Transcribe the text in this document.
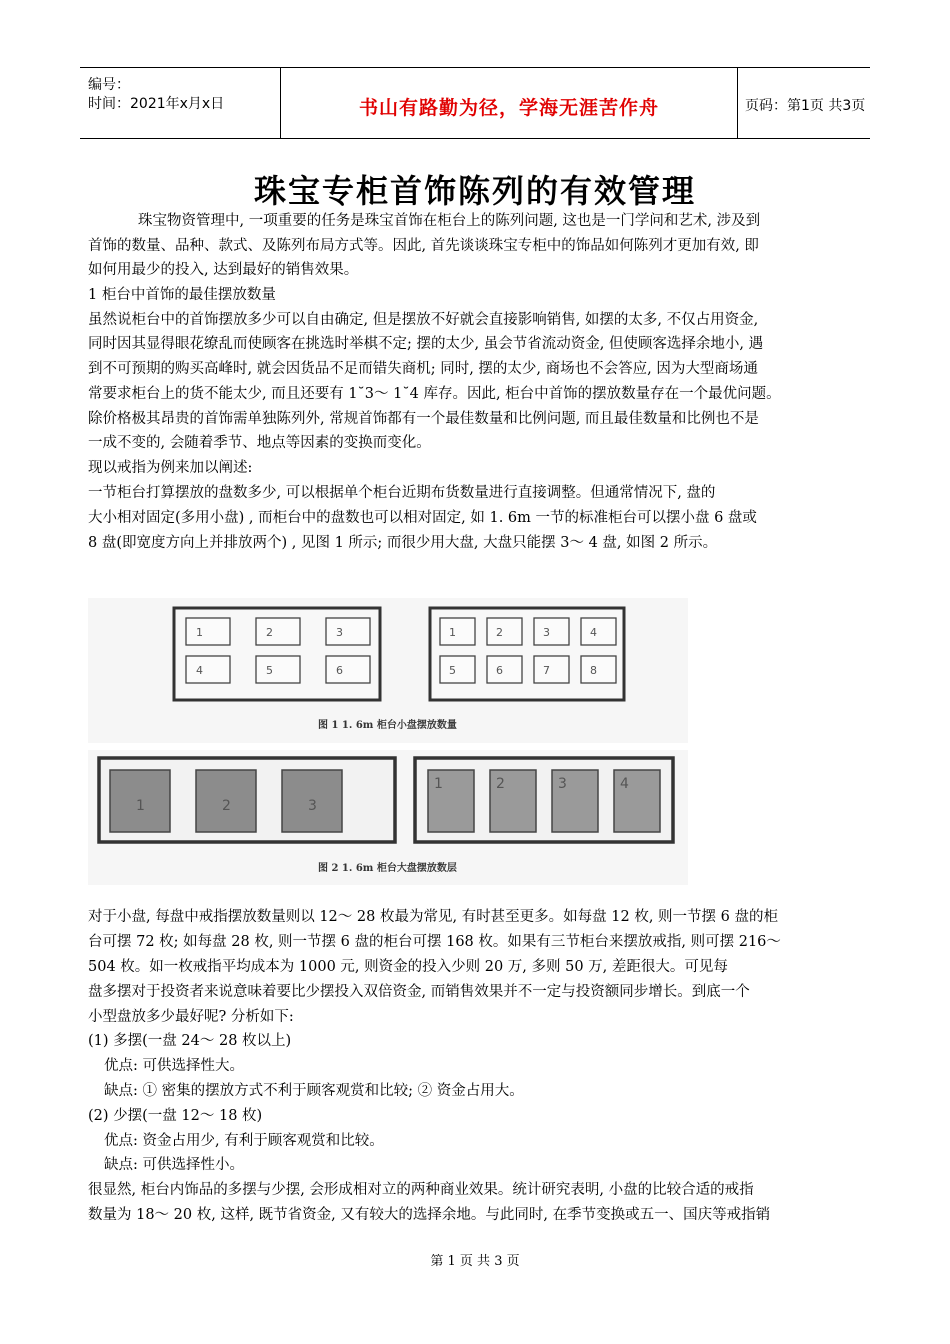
编号：
时间：2021年x月x日	书山有路勤为径，学海无涯苦作舟	页码：第1页 共3页
珠宝专柜首饰陈列的有效管理
珠宝物资管理中, 一项重要的任务是珠宝首饰在柜台上的陈列问题, 这也是一门学问和艺术, 涉及到
首饰的数量、品种、款式、及陈列布局方式等。因此, 首先谈谈珠宝专柜中的饰品如何陈列才更加有效, 即
如何用最少的投入, 达到最好的销售效果。
1 柜台中首饰的最佳摆放数量
虽然说柜台中的首饰摆放多少可以自由确定, 但是摆放不好就会直接影响销售, 如摆的太多, 不仅占用资金,
同时因其显得眼花缭乱而使顾客在挑选时举棋不定; 摆的太少, 虽会节省流动资金, 但使顾客选择余地小, 遇
到不可预期的购买高峰时, 就会因货品不足而错失商机; 同时, 摆的太少, 商场也不会答应, 因为大型商场通
常要求柜台上的货不能太少, 而且还要有 1˘3～ 1˘4 库存。因此, 柜台中首饰的摆放数量存在一个最优问题。
除价格极其昂贵的首饰需单独陈列外, 常规首饰都有一个最佳数量和比例问题, 而且最佳数量和比例也不是
一成不变的, 会随着季节、地点等因素的变换而变化。
现以戒指为例来加以阐述:
一节柜台打算摆放的盘数多少, 可以根据单个柜台近期布货数量进行直接调整。但通常情况下, 盘的
大小相对固定(多用小盘) , 而柜台中的盘数也可以相对固定, 如 1. 6m 一节的标准柜台可以摆小盘 6 盘或
8 盘(即宽度方向上并排放两个) , 见图 1 所示; 而很少用大盘, 大盘只能摆 3～ 4 盘, 如图 2 所示。
1	2	3
4	5	6
1	2	3	4
5	6	7	8
图 1 1. 6m 柜台小盘摆放数量
1	2	3
1	2	3	4
图 2 1. 6m 柜台大盘摆放数层
对于小盘, 每盘中戒指摆放数量则以 12～ 28 枚最为常见, 有时甚至更多。如每盘 12 枚, 则一节摆 6 盘的柜
台可摆 72 枚; 如每盘 28 枚, 则一节摆 6 盘的柜台可摆 168 枚。如果有三节柜台来摆放戒指, 则可摆 216～
504 枚。如一枚戒指平均成本为 1000 元, 则资金的投入少则 20 万, 多则 50 万, 差距很大。可见每
盘多摆对于投资者来说意味着要比少摆投入双倍资金, 而销售效果并不一定与投资额同步增长。到底一个
小型盘放多少最好呢? 分析如下:
(1) 多摆(一盘 24～ 28 枚以上)
优点: 可供选择性大。
缺点: ① 密集的摆放方式不利于顾客观赏和比较; ② 资金占用大。
(2) 少摆(一盘 12～ 18 枚)
优点: 资金占用少, 有利于顾客观赏和比较。
缺点: 可供选择性小。
很显然, 柜台内饰品的多摆与少摆, 会形成相对立的两种商业效果。统计研究表明, 小盘的比较合适的戒指
数量为 18～ 20 枚, 这样, 既节省资金, 又有较大的选择余地。与此同时, 在季节变换或五一、国庆等戒指销
第 1 页 共 3 页
